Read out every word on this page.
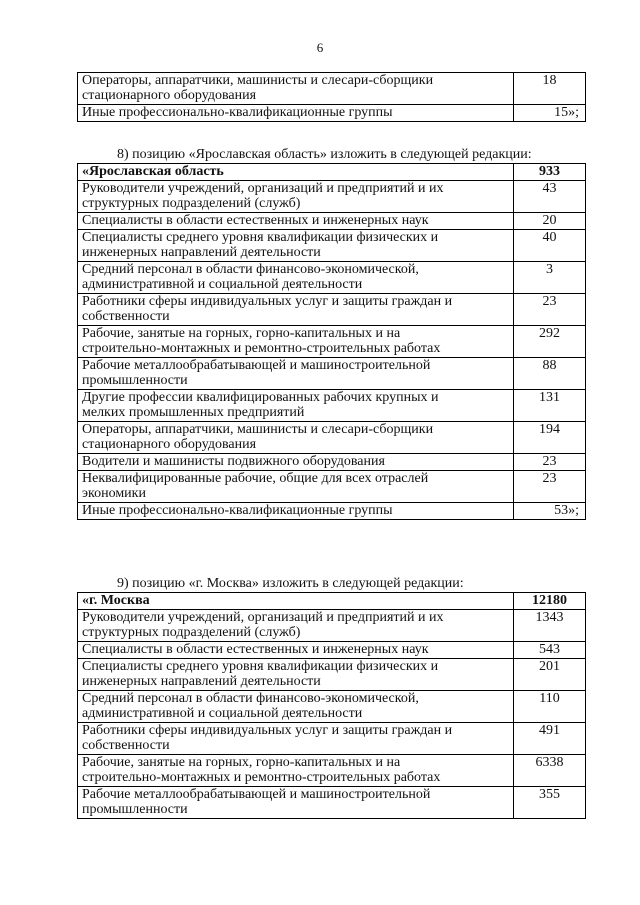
6
Операторы, аппаратчики, машинисты и слесари-сборщики
стационарного оборудования	18
Иные профессионально-квалификационные группы	15»;
8) позицию «Ярославская область» изложить в следующей редакции:
«Ярославская область	933
Руководители учреждений, организаций и предприятий и их
структурных подразделений (служб)	43
Специалисты в области естественных и инженерных наук	20
Специалисты среднего уровня квалификации физических и
инженерных направлений деятельности	40
Средний персонал в области финансово-экономической,
административной и социальной деятельности	3
Работники сферы индивидуальных услуг и защиты граждан и
собственности	23
Рабочие, занятые на горных, горно-капитальных и на
строительно-монтажных и ремонтно-строительных работах	292
Рабочие металлообрабатывающей и машиностроительной
промышленности	88
Другие профессии квалифицированных рабочих крупных и
мелких промышленных предприятий	131
Операторы, аппаратчики, машинисты и слесари-сборщики
стационарного оборудования	194
Водители и машинисты подвижного оборудования	23
Неквалифицированные рабочие, общие для всех отраслей
экономики	23
Иные профессионально-квалификационные группы	53»;
9) позицию «г. Москва» изложить в следующей редакции:
«г. Москва	12180
Руководители учреждений, организаций и предприятий и их
структурных подразделений (служб)	1343
Специалисты в области естественных и инженерных наук	543
Специалисты среднего уровня квалификации физических и
инженерных направлений деятельности	201
Средний персонал в области финансово-экономической,
административной и социальной деятельности	110
Работники сферы индивидуальных услуг и защиты граждан и
собственности	491
Рабочие, занятые на горных, горно-капитальных и на
строительно-монтажных и ремонтно-строительных работах	6338
Рабочие металлообрабатывающей и машиностроительной
промышленности	355
